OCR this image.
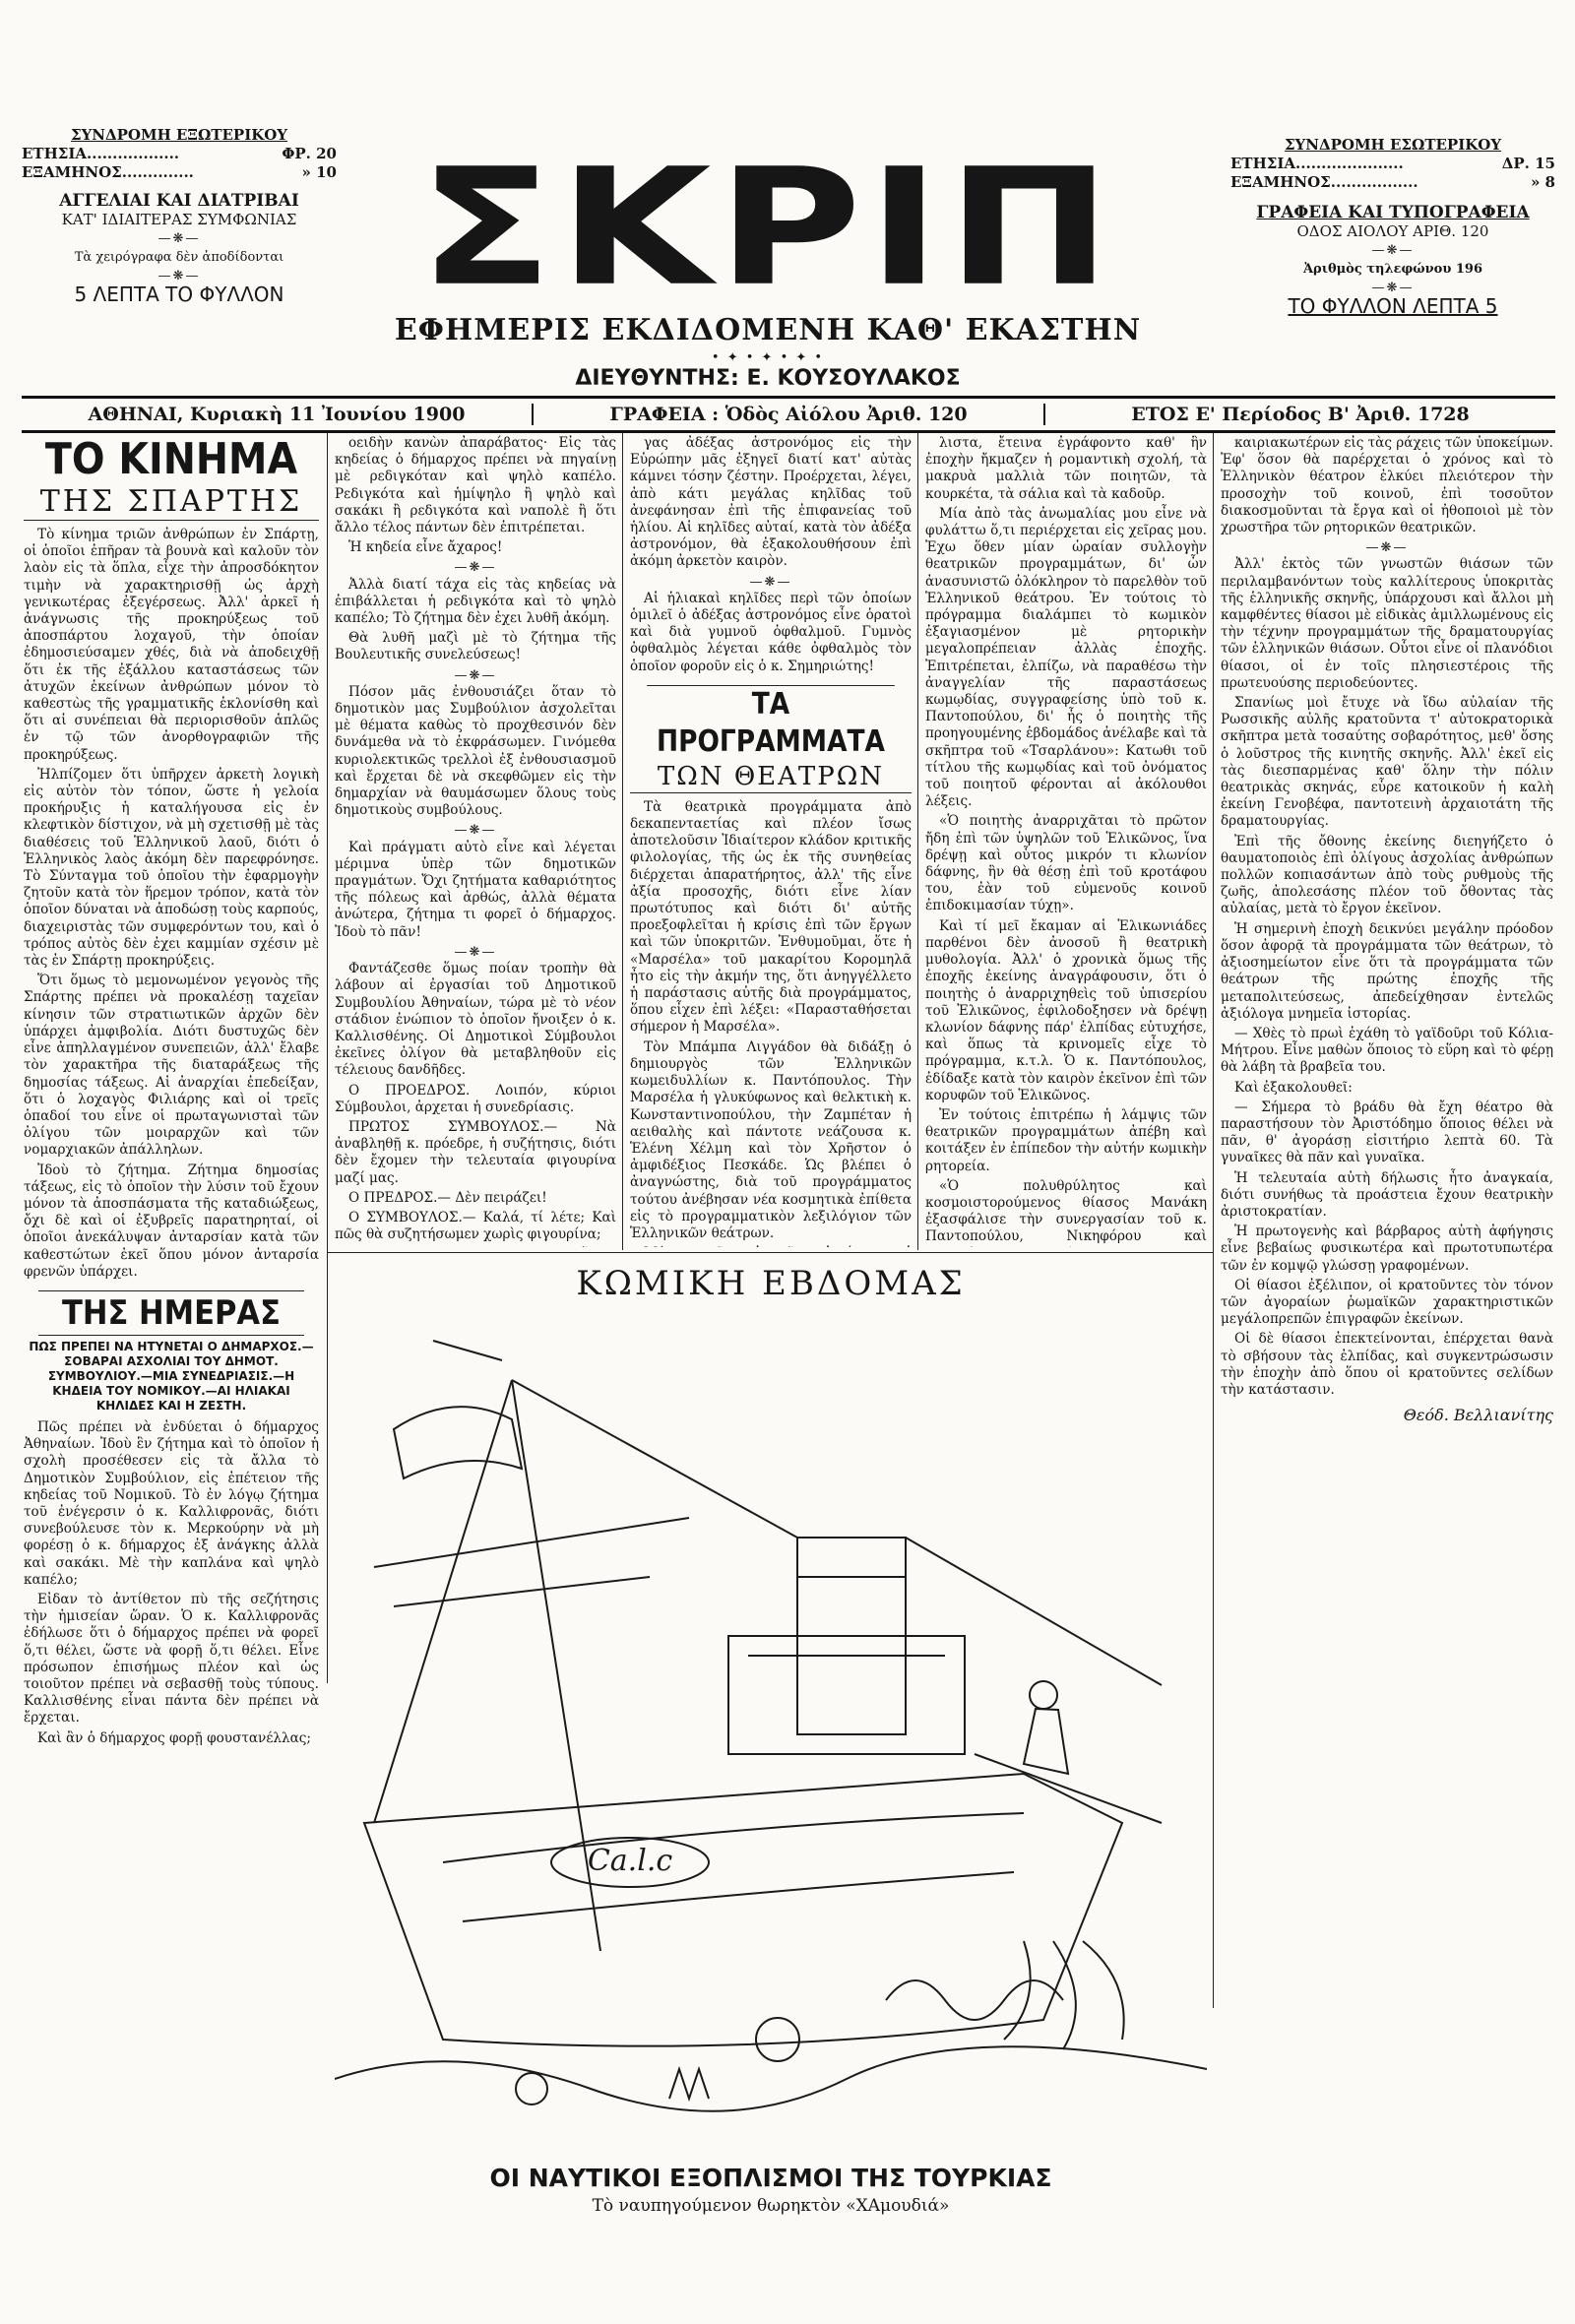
ΣΥΝΔΡΟΜΗ ΕΞΩΤΕΡΙΚΟΥ
ΕΤΗΣΙΑ..................	ΦΡ. 20
ΕΞΑΜΗΝΟΣ..............	» 10
ΑΓΓΕΛΙΑΙ ΚΑΙ ΔΙΑΤΡΙΒΑΙ
ΚΑΤ' ΙΔΙΑΙΤΕΡΑΣ ΣΥΜΦΩΝΙΑΣ
—❋—
Τὰ χειρόγραφα δὲν ἀποδίδονται
—❋—
5 ΛΕΠΤΑ ΤΟ ΦΥΛΛΟΝ ΣΚΡΙΠ
ΕΦΗΜΕΡΙΣ ΕΚΔΙΔΟΜΕΝΗ ΚΑΘ' ΕΚΑΣΤΗΝ
• ✦ • ✦ • ✦ •
ΔΙΕΥΘΥΝΤΗΣ: Ε. ΚΟΥΣΟΥΛΑΚΟΣ
ΣΥΝΔΡΟΜΗ ΕΣΩΤΕΡΙΚΟΥ
ΕΤΗΣΙΑ.....................	ΔΡ. 15
ΕΞΑΜΗΝΟΣ.................	» 8
ΓΡΑΦΕΙΑ ΚΑΙ ΤΥΠΟΓΡΑΦΕΙΑ
ΟΔΟΣ ΑΙΟΛΟΥ ΑΡΙΘ. 120
—❋—
Ἀριθμὸς τηλεφώνου 196
—❋—
ΤΟ ΦΥΛΛΟΝ ΛΕΠΤΑ 5
ΑΘΗΝΑΙ, Κυριακὴ 11 Ἰουνίου 1900	ΓΡΑΦΕΙΑ : Ὁδὸς Αἰόλου Ἀριθ. 120	ΕΤΟΣ Ε' Περίοδος Β' Ἀριθ. 1728
ΤΟ ΚΙΝΗΜΑ
ΤΗΣ ΣΠΑΡΤΗΣ

Τὸ κίνημα τριῶν ἀνθρώπων ἐν Σπάρτῃ, οἱ ὁποῖοι ἐπῆραν τὰ βουνὰ καὶ καλοῦν τὸν λαὸν εἰς τὰ ὅπλα, εἶχε τὴν ἀπροσδόκητον τιμὴν νὰ χαρακτηρισθῇ ὡς ἀρχὴ γενικωτέρας ἐξεγέρσεως. Ἀλλ' ἀρκεῖ ἡ ἀνάγνωσις τῆς προκηρύξεως τοῦ ἀποσπάρτου λοχαγοῦ, τὴν ὁποίαν ἐδημοσιεύσαμεν χθές, διὰ νὰ ἀποδειχθῇ ὅτι ἐκ τῆς ἐξάλλου καταστάσεως τῶν ἀτυχῶν ἐκείνων ἀνθρώπων μόνον τὸ καθεστὼς τῆς γραμματικῆς ἐκλονίσθη καὶ ὅτι αἱ συνέπειαι θὰ περιορισθοῦν ἁπλῶς ἐν τῷ τῶν ἀνορθογραφιῶν τῆς προκηρύξεως.

Ἠλπίζομεν ὅτι ὑπῆρχεν ἀρκετὴ λογικὴ εἰς αὐτὸν τὸν τόπον, ὥστε ἡ γελοία προκήρυξις ἡ καταλήγουσα εἰς ἐν κλεφτικὸν δίστιχον, νὰ μὴ σχετισθῇ μὲ τὰς διαθέσεις τοῦ Ἑλληνικοῦ λαοῦ, διότι ὁ Ἑλληνικὸς λαὸς ἀκόμη δὲν παρεφρόνησε. Τὸ Σύνταγμα τοῦ ὁποῖου τὴν ἐφαρμογὴν ζητοῦν κατὰ τὸν ἥρεμον τρόπον, κατὰ τὸν ὁποῖον δύναται νὰ ἀποδώσῃ τοὺς καρπούς, διαχειριστὰς τῶν συμφερόντων του, καὶ ὁ τρόπος αὐτὸς δὲν ἐχει καμμίαν σχέσιν μὲ τὰς ἐν Σπάρτῃ προκηρύξεις.

Ὅτι ὅμως τὸ μεμονωμένον γεγονὸς τῆς Σπάρτης πρέπει νὰ προκαλέσῃ ταχεῖαν κίνησιν τῶν στρατιωτικῶν ἀρχῶν δὲν ὑπάρχει ἀμφιβολία. Διότι δυστυχῶς δὲν εἶνε ἀπηλλαγμένον συνεπειῶν, ἀλλ' ἔλαβε τὸν χαρακτῆρα τῆς διαταράξεως τῆς δημοσίας τάξεως. Αἱ ἀναρχίαι ἐπεδείξαν, ὅτι ὁ λοχαγὸς Φιλιάρης καὶ οἱ τρεῖς ὁπαδοί του εἶνε οἱ πρωταγωνισταὶ τῶν ὀλίγου τῶν μοιραρχῶν καὶ τῶν νομαρχιακῶν ἀπάλληλων.

Ἰδοὺ τὸ ζήτημα. Ζήτημα δημοσίας τάξεως, εἰς τὸ ὁποῖον τὴν λύσιν τοῦ ἔχουν μόνον τὰ ἀποσπάσματα τῆς καταδιώξεως, ὄχι δὲ καὶ οἱ ἐξυβρεῖς παρατηρηταί, οἱ ὁποῖοι ἀνεκάλυψαν ἀνταρσίαν κατὰ τῶν καθεστώτων ἐκεῖ ὅπου μόνον ἀνταρσία φρενῶν ὑπάρχει.

ΤΗΣ ΗΜΕΡΑΣ
ΠΩΣ ΠΡΕΠΕΙ ΝΑ ΗΤΥΝΕΤΑΙ Ο ΔΗΜΑΡΧΟΣ.— ΣΟΒΑΡΑΙ ΑΣΧΟΛΙΑΙ ΤΟΥ ΔΗΜΟΤ. ΣΥΜΒΟΥΛΙΟΥ.—ΜΙΑ ΣΥΝΕΔΡΙΑΣΙΣ.—Η ΚΗΔΕΙΑ ΤΟΥ ΝΟΜΙΚΟΥ.—ΑΙ ΗΛΙΑΚΑΙ ΚΗΛΙΔΕΣ ΚΑΙ Η ΖΕΣΤΗ.

Πῶς πρέπει νὰ ἐνδύεται ὁ δήμαρχος Ἀθηναίων. Ἰδοὺ ἓν ζήτημα καὶ τὸ ὁποῖον ἡ σχολὴ προσέθεσεν εἰς τὰ ἄλλα τὸ Δημοτικὸν Συμβούλιον, εἰς ἐπέτειον τῆς κηδείας τοῦ Νομικοῦ. Τὸ ἐν λόγῳ ζήτημα τοῦ ἐνέγερσιν ὁ κ. Καλλιφρονᾶς, διότι συνεβούλευσε τὸν κ. Μερκούρην νὰ μὴ φορέσῃ ὁ κ. δήμαρχος ἐξ ἀνάγκης ἀλλὰ καὶ σακάκι. Μὲ τὴν καπλάνα καὶ ψηλὸ καπέλο;

Εἰδαν τὸ ἀντίθετον πὺ τῆς σεζήτησις τὴν ἡμισείαν ὥραν. Ὁ κ. Καλλιφρονᾶς ἐδήλωσε ὅτι ὁ δήμαρχος πρέπει νὰ φορεῖ ὅ,τι θέλει, ὥστε νὰ φορῇ ὅ,τι θέλει. Εἶνε πρόσωπον ἐπισήμως πλέον καὶ ὡς τοιοῦτον πρέπει νὰ σεβασθῇ τοὺς τύπους. Καλλισθένης εἶναι πάντα δὲν πρέπει νὰ ἔρχεται.

Καὶ ἂν ὁ δήμαρχος φορῇ φουστανέλλας;

οειδὴν κανὼν ἀπαράβατος· Εἰς τὰς κηδείας ὁ δήμαρχος πρέπει νὰ πηγαίνῃ μὲ ρεδιγκόταν καὶ ψηλὸ καπέλο. Ρεδιγκότα καὶ ἡμίψηλο ἢ ψηλὸ καὶ σακάκι ἢ ρεδιγκότα καὶ ναπολὲ ἢ ὅτι ἄλλο τέλος πάντων δὲν ἐπιτρέπεται.

Ἡ κηδεία εἶνε ἄχαρος!

—❋—

Ἀλλὰ διατί τάχα εἰς τὰς κηδείας νὰ ἐπιβάλλεται ἡ ρεδιγκότα καὶ τὸ ψηλὸ καπέλο; Τὸ ζήτημα δὲν ἐχει λυθῆ ἀκόμη.

Θὰ λυθῆ μαζὶ μὲ τὸ ζήτημα τῆς Βουλευτικῆς συνελεύσεως!

—❋—

Πόσον μᾶς ἐνθουσιάζει ὅταν τὸ δημοτικὸν μας Συμβούλιον ἀσχολεῖται μὲ θέματα καθὼς τὸ προχθεσινόν δὲν δυνάμεθα νὰ τὸ ἐκφράσωμεν. Γινόμεθα κυριολεκτικῶς τρελλοὶ ἐξ ἐνθουσιασμοῦ καὶ ἔρχεται δὲ νὰ σκεφθῶμεν εἰς τὴν δημαρχίαν νὰ θαυμάσωμεν ὅλους τοὺς δημοτικοὺς συμβούλους.

—❋—

Καὶ πράγματι αὐτὸ εἶνε καὶ λέγεται μέριμνα ὑπὲρ τῶν δημοτικῶν πραγμάτων. Ὄχι ζητήματα καθαριότητος τῆς πόλεως καὶ ἀρθώς, ἀλλὰ θέματα ἀνώτερα, ζήτημα τι φορεῖ ὁ δήμαρχος. Ἰδοὺ τὸ πᾶν!

—❋—

Φαντάζεσθε ὅμως ποίαν τροπὴν θὰ λάβουν αἱ ἐργασίαι τοῦ Δημοτικοῦ Συμβουλίου Ἀθηναίων, τώρα μὲ τὸ νέον στάδιον ἐνώπιον τὸ ὁποῖον ἤνοιξεν ὁ κ. Καλλισθένης. Οἱ Δημοτικοὶ Σύμβουλοι ἐκεῖνες ὀλίγον θὰ μεταβληθοῦν εἰς τέλειους δανδῆδες.

Ο ΠΡΟΕΔΡΟΣ. Λοιπόν, κύριοι Σύμβουλοι, ἀρχεται ἡ συνεδρίασις.

ΠΡΩΤΟΣ ΣΥΜΒΟΥΛΟΣ.— Νὰ ἀναβληθῇ κ. πρόεδρε, ἡ συζήτησις, διότι δὲν ἔχομεν τὴν τελευταία φιγουρίνα μαζί μας.

Ο ΠΡΕΔΡΟΣ.— Δὲν πειράζει!

Ο ΣΥΜΒΟΥΛΟΣ.— Καλά, τί λέτε; Καὶ πῶς θὰ συζητήσωμεν χωρὶς φιγουρίνα;

γας ἀδέξας ἀστρονόμος εἰς τὴν Εὐρώπην μᾶς ἐξηγεῖ διατί κατ' αὐτὰς κάμνει τόσην ζέστην. Προέρχεται, λέγει, ἀπὸ κάτι μεγάλας κηλῖδας τοῦ ἀνεφάνησαν ἐπὶ τῆς ἐπιφανείας τοῦ ἡλίου. Αἱ κηλῖδες αὐταί, κατὰ τὸν ἀδέξα ἀστρονόμον, θὰ ἐξακολουθήσουν ἐπὶ ἀκόμη ἀρκετὸν καιρὸν.

—❋—

Αἱ ἡλιακαὶ κηλῖδες περὶ τῶν ὁποίων ὁμιλεῖ ὁ ἀδέξας ἀστρονόμος εἶνε ὁρατοὶ καὶ διὰ γυμνοῦ ὀφθαλμοῦ. Γυμνὸς ὀφθαλμὸς λέγεται κάθε ὀφθαλμὸς τὸν ὁποῖον φοροῦν εἰς ὁ κ. Σημηριώτης!

ΤΑ ΠΡΟΓΡΑΜΜΑΤΑ
ΤΩΝ ΘΕΑΤΡΩΝ

Τὰ θεατρικὰ προγράμματα ἀπὸ δεκαπενταετίας καὶ πλέον ἴσως ἀποτελοῦσιν Ἰδιαίτερον κλάδον κριτικῆς φιλολογίας, τῆς ὡς ἐκ τῆς συνηθείας διέρχεται ἀπαρατήρητος, ἀλλ' τῆς εἶνε ἀξία προσοχῆς, διότι εἶνε λίαν πρωτότυπος καὶ διότι δι' αὐτῆς προεξοφλεῖται ἡ κρίσις ἐπὶ τῶν ἔργων καὶ τῶν ὑποκριτῶν. Ἐνθυμοῦμαι, ὅτε ἡ «Μαρσέλα» τοῦ μακαρίτου Κορομηλᾶ ἦτο εἰς τὴν ἀκμήν της, ὅτι ἀνηγγέλλετο ἡ παράστασις αὐτῆς διὰ προγράμματος, ὅπου εἶχεν ἐπὶ λέξει: «Παρασταθήσεται σήμερον ἡ Μαρσέλα».

Τὸν Μπάμπα Λιγγάδον θὰ διδάξῃ ὁ δημιουργὸς τῶν Ἑλληνικῶν κωμειδυλλίων κ. Παντόπουλος. Τὴν Μαρσέλα ἡ γλυκύφωνος καὶ θελκτικὴ κ. Κωνσταντινοπούλου, τὴν Ζαμπέταν ἡ αειθαλὴς καὶ πάντοτε νεάζουσα κ. Ἑλένη Χέλμη καὶ τὸν Χρῆστον ὁ ἀμφιδέξιος Πεσκάδε. Ὡς βλέπει ὁ ἀναγνώστης, διὰ τοῦ προγράμματος τούτου ἀνέβησαν νέα κοσμητικὰ ἐπίθετα εἰς τὸ προγραμματικὸν λεξιλόγιον τῶν Ἑλληνικῶν θεάτρων.

λιστα, ἔτεινα ἐγράφοντο καθ' ἣν ἐποχὴν ἤκμαζεν ἡ ρομαντικὴ σχολή, τὰ μακρυὰ μαλλιὰ τῶν ποιητῶν, τὰ κουρκέτα, τὰ σάλια καὶ τὰ καδοῦρ.

Μία ἀπὸ τὰς ἀνωμαλίας μου εἶνε νὰ φυλάττω ὅ,τι περιέρχεται εἰς χεῖρας μου. Ἐχω ὅθεν μίαν ὡραίαν συλλογὴν θεατρικῶν προγραμμάτων, δι' ὧν ἀνασυνιστῶ ὁλόκληρον τὸ παρελθὸν τοῦ Ἑλληνικοῦ θεάτρου. Ἐν τούτοις τὸ πρόγραμμα διαλάμπει τὸ κωμικὸν ἐξαγιασμένον μὲ ρητορικὴν μεγαλοπρέπειαν ἀλλὰς ἐποχῆς. Ἐπιτρέπεται, ἐλπίζω, νὰ παραθέσω τὴν ἀναγγελίαν τῆς παραστάσεως κωμῳδίας, συγγραφείσης ὑπὸ τοῦ κ. Παντοπούλου, δι' ἧς ὁ ποιητὴς τῆς προηγουμένης ἑβδομάδος ἀνέλαβε καὶ τὰ σκῆπτρα τοῦ «Τσαρλάνου»: Κατωθι τοῦ τίτλου τῆς κωμῳδίας καὶ τοῦ ὀνόματος τοῦ ποιητοῦ φέρονται αἱ ἀκόλουθοι λέξεις.

«Ὁ ποιητὴς ἀναρριχᾶται τὸ πρῶτον ἤδη ἐπὶ τῶν ὑψηλῶν τοῦ Ἑλικῶνος, ἵνα δρέψῃ καὶ οὗτος μικρόν τι κλωνίον δάφνης, ἣν θὰ θέσῃ ἐπὶ τοῦ κροτάφου του, ἐὰν τοῦ εὐμενοῦς κοινοῦ ἐπιδοκιμασίαν τύχῃ».

Καὶ τί μεῖ ἔκαμαν αἱ Ἑλικωνιάδες παρθένοι δὲν ἀνοσοῦ ἢ θεατρικὴ μυθολογία. Ἀλλ' ὁ χρονικὰ ὅμως τῆς ἐποχῆς ἐκείνης ἀναγράφουσιν, ὅτι ὁ ποιητὴς ὁ ἀναρριχηθεὶς τοῦ ὑπισερίου τοῦ Ἑλικῶνος, ἐφιλοδοξησεν νὰ δρέψῃ κλωνίον δάφνης πάρ' ἐλπίδας εὐτυχήσε, καὶ ὅπως τὰ κρινομεῖς εἶχε τὸ πρόγραμμα, κ.τ.λ. Ὁ κ. Παντόπουλος, ἐδίδαξε κατὰ τὸν καιρὸν ἐκεῖνον ἐπὶ τῶν κορυφῶν τοῦ Ἑλικῶνος.

Ἐν τούτοις ἐπιτρέπω ἡ λάμψις τῶν θεατρικῶν προγραμμάτων ἀπέβη καὶ κοιτάξεν ἐν ἐπίπεδον τὴν αὐτήν κωμικὴν ρητορεία.

«Ὁ πολυθρύλητος καὶ κοσμοιστορούμενος θίασος Μανάκη ἐξασφάλισε τὴν συνεργασίαν τοῦ κ. Παντοπούλου, Νικηφόρου καὶ

καιριακωτέρων εἰς τὰς ράχεις τῶν ὑποκείμων. Ἐφ' ὅσον θὰ παρέρχεται ὁ χρόνος καὶ τὸ Ἑλληνικὸν θέατρον ἐλκύει πλειότερον τὴν προσοχὴν τοῦ κοινοῦ, ἐπὶ τοσοῦτον διακοσμοῦνται τὰ ἔργα καὶ οἱ ἠθοποιοὶ μὲ τὸν χρωστῆρα τῶν ρητορικῶν θεατρικῶν.

—❋—

Ἀλλ' ἐκτὸς τῶν γνωστῶν θιάσων τῶν περιλαμβανόντων τοὺς καλλίτερους ὑποκριτὰς τῆς ἑλληνικῆς σκηνῆς, ὑπάρχουσι καὶ ἄλλοι μὴ καμφθέντες θίασοι μὲ εἰδικὰς ἀμιλλωμένους εἰς τὴν τέχνην προγραμμάτων τῆς δραματουργίας τῶν ἑλληνικῶν θιάσων. Οὗτοι εἶνε οἱ πλανόδιοι θίασοι, οἱ ἐν τοῖς πλησιεστέροις τῆς πρωτευούσης περιοδεύοντες.

Σπανίως μοὶ ἔτυχε νὰ ἴδω αὐλαίαν τῆς Ρωσσικῆς αὐλῆς κρατοῦντα τ' αὐτοκρατορικὰ σκῆπτρα μετὰ τοσαύτης σοβαρότητος, μεθ' ὅσης ὁ λοῦστρος τῆς κινητῆς σκηνῆς. Ἀλλ' ἐκεῖ εἰς τὰς διεσπαρμένας καθ' ὅλην τὴν πόλιν θεατρικὰς σκηνάς, εὗρε κατοικοῦν ἡ καλὴ ἐκείνη Γενοβέφα, παντοτεινὴ ἀρχαιοτάτη τῆς δραματουργίας.

Ἐπὶ τῆς ὄθονης ἐκείνης διεηγήζετο ὁ θαυματοποιὸς ἐπὶ ὀλίγους ἀσχολίας ἀνθρώπων πολλῶν κοπιασάντων ἀπὸ τοὺς ρυθμοὺς τῆς ζωῆς, ἀπολεσάσης πλέον τοῦ ὄθοντας τὰς αὐλαίας, μετὰ τὸ ἔργον ἐκεῖνον.

Ἡ σημερινὴ ἐποχὴ δεικνύει μεγάλην πρόοδον ὅσον ἀφορᾷ τὰ προγράμματα τῶν θεάτρων, τὸ ἀξιοσημείωτον εἶνε ὅτι τὰ προγράμματα τῶν θεάτρων τῆς πρώτης ἐποχῆς τῆς μεταπολιτεύσεως, ἀπεδείχθησαν ἐντελῶς ἀξιόλογα μνημεῖα ἰστορίας.

— Χθὲς τὸ πρωὶ ἐχάθη τὸ γαϊδοῦρι τοῦ Κόλια-Μήτρου. Εἶνε μαθὼν ὅποιος τὸ εὕρη καὶ τὸ φέρῃ θὰ λάβη τὰ βραβεῖα του.

Καὶ ἐξακολουθεῖ:

— Σήμερα τὸ βράδυ θὰ ἔχη θέατρο θὰ παραστήσουν τὸν Ἀριστόδημο ὅποιος θέλει νὰ πᾶν, θ' ἀγοράσῃ εἰσιτήριο λεπτὰ 60. Τὰ γυναῖκες θὰ πᾶν καὶ γυναῖκα.

Ἡ τελευταία αὐτὴ δήλωσις ἦτο ἀναγκαία, διότι συνήθως τὰ προάστεια ἔχουν θεατρικὴν ἀριστοκρατίαν.

Ἡ πρωτογενὴς καὶ βάρβαρος αὐτὴ ἀφήγησις εἶνε βεβαίως φυσικωτέρα καὶ πρωτοτυπωτέρα τῶν ἐν κομψῷ γλώσσῃ γραφομένων.

Οἱ θίασοι ἐξέλιπον, οἱ κρατοῦντες τὸν τόνον τῶν ἀγοραίων ῥωμαϊκῶν χαρακτηριστικῶν μεγάλοπρεπῶν ἐπιγραφῶν ἐκείνων.

Οἱ δὲ θίασοι ἐπεκτείνονται, ἑπέρχεται θανὰ τὸ σβήσουν τὰς ἐλπίδας, καὶ συγκεντρώσωσιν τὴν ἐποχὴν ἀπὸ ὅπου οἱ κρατοῦντες σελίδων τὴν κατάστασιν.

Θεόδ. Βελλιανίτης
ΚΩΜΙΚΗ ΕΒΔΟΜΑΣ
Ca.l.c
ΟΙ ΝΑΥΤΙΚΟΙ ΕΞΟΠΛΙΣΜΟΙ ΤΗΣ ΤΟΥΡΚΙΑΣ
Τὸ ναυπηγούμενον θωρηκτὸν «ΧΑμουδιά»
